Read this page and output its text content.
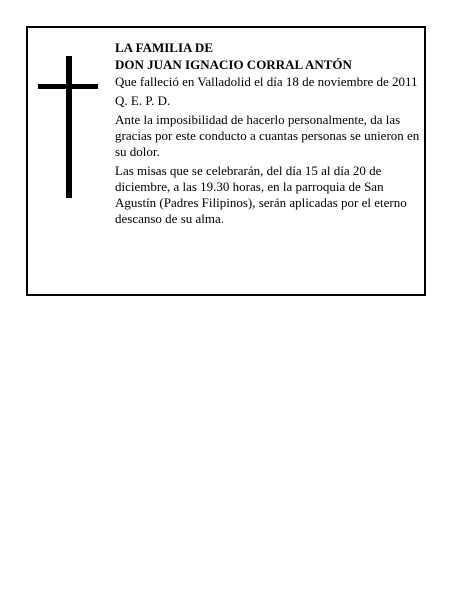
LA FAMILIA DE
DON JUAN IGNACIO CORRAL ANTÓN

Que falleció en Valladolid el día 18 de noviembre de 2011

Q. E. P. D.

Ante la imposibilidad de hacerlo personalmente, da las gracias por este conducto a cuantas personas se unieron en su dolor.

Las misas que se celebrarán, del día 15 al día 20 de diciembre, a las 19.30 horas, en la parroquia de San Agustín (Padres Filipinos), serán aplicadas por el eterno descanso de su alma.
